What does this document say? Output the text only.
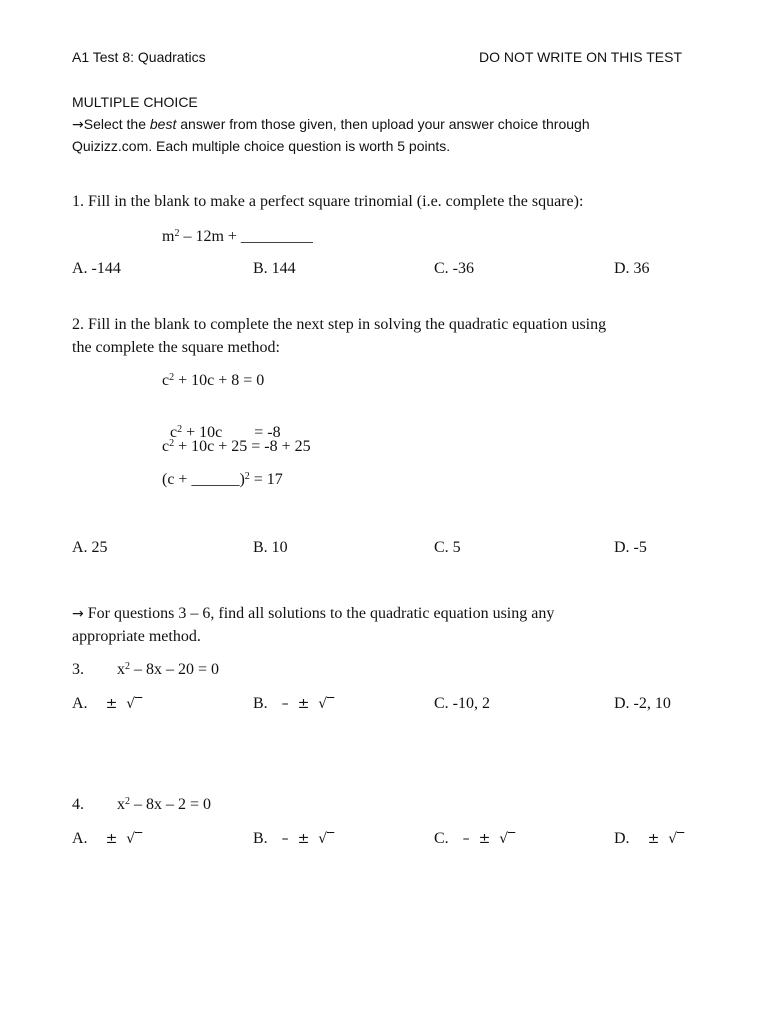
A1 Test 8: Quadratics	DO NOT WRITE ON THIS TEST
MULTIPLE CHOICE
→Select the best answer from those given, then upload your answer choice through
Quizizz.com. Each multiple choice question is worth 5 points.
1. Fill in the blank to make a perfect square trinomial (i.e. complete the square):
$m^2 - 12m$ + _________
A. -144	B. 144	C. -36	D. 36
2. Fill in the blank to complete the next step in solving the quadratic equation using
the complete the square method:
$c^2 + 10c + 8 = 0$

$c^2 + 10c$        = -8

$c^2 + 10c + 25 = -8 + 25$
(c + ______)$^2$ = 17
A. 25	B. 10	C. 5	D. -5
→ For questions 3 – 6, find all solutions to the quadratic equation using any
appropriate method.
3. $x^2 - 8x - 20 = 0$
A. ±  √‾	B. –  ±  √‾	C. -10, 2	D. -2, 10
4. $x^2 - 8x - 2 = 0$
A. ±  √‾	B. –  ±  √‾	C. –  ±  √‾	D. ±  √‾
